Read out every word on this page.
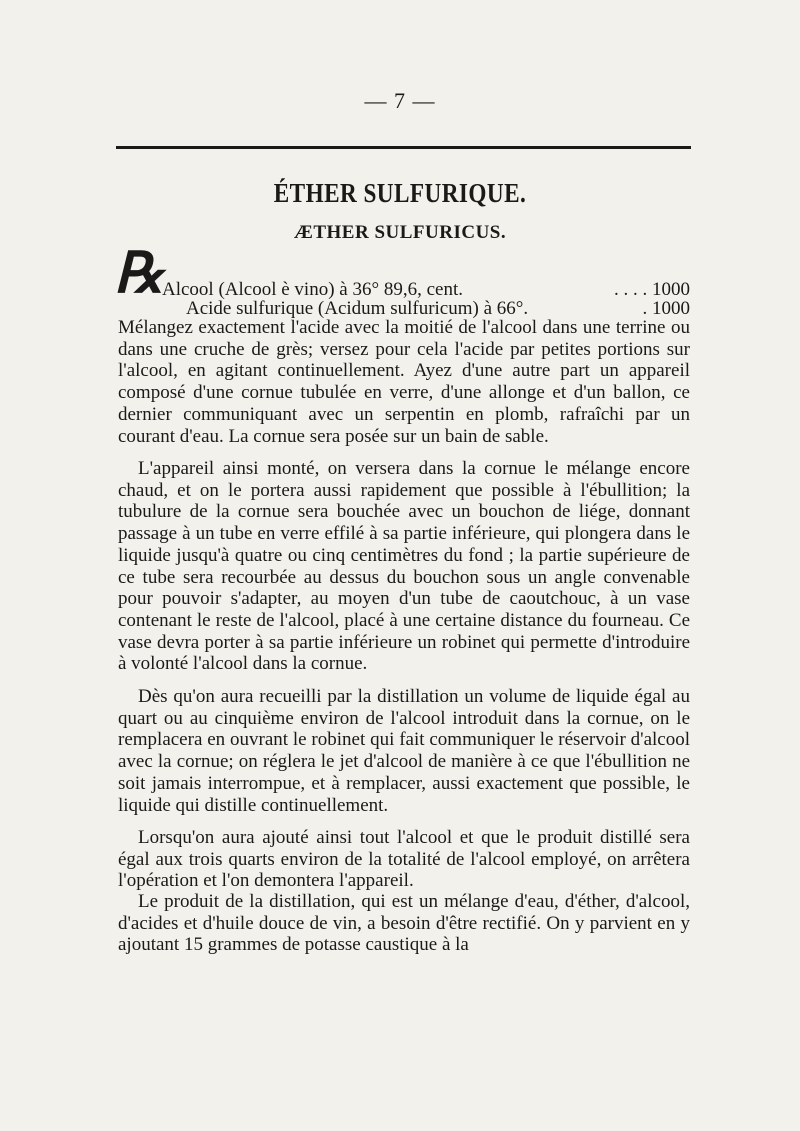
— 7 —
ÉTHER SULFURIQUE.
ÆTHER SULFURICUS.
℞
Alcool (Alcool è vino) à 36° 89,6, cent.	. . . . 1000
Acide sulfurique (Acidum sulfuricum) à 66°.	. 1000

Mélangez exactement l'acide avec la moitié de l'alcool dans une terrine ou dans une cruche de grès; versez pour cela l'acide par petites portions sur l'alcool, en agitant continuellement. Ayez d'une autre part un appareil composé d'une cornue tubulée en verre, d'une allonge et d'un ballon, ce dernier communiquant avec un serpentin en plomb, rafraîchi par un courant d'eau. La cornue sera posée sur un bain de sable.

L'appareil ainsi monté, on versera dans la cornue le mélange encore chaud, et on le portera aussi rapidement que possible à l'ébullition; la tubulure de la cornue sera bouchée avec un bouchon de liége, donnant passage à un tube en verre effilé à sa partie inférieure, qui plongera dans le liquide jusqu'à quatre ou cinq centimètres du fond ; la partie supérieure de ce tube sera recourbée au dessus du bouchon sous un angle convenable pour pouvoir s'adapter, au moyen d'un tube de caoutchouc, à un vase contenant le reste de l'alcool, placé à une certaine distance du fourneau. Ce vase devra porter à sa partie inférieure un robinet qui permette d'introduire à volonté l'alcool dans la cornue.

Dès qu'on aura recueilli par la distillation un volume de liquide égal au quart ou au cinquième environ de l'alcool introduit dans la cornue, on le remplacera en ouvrant le robinet qui fait communiquer le réservoir d'alcool avec la cornue; on réglera le jet d'alcool de manière à ce que l'ébullition ne soit jamais interrompue, et à remplacer, aussi exactement que possible, le liquide qui distille continuellement.

Lorsqu'on aura ajouté ainsi tout l'alcool et que le produit distillé sera égal aux trois quarts environ de la totalité de l'alcool employé, on arrêtera l'opération et l'on demontera l'appareil.

Le produit de la distillation, qui est un mélange d'eau, d'éther, d'alcool, d'acides et d'huile douce de vin, a besoin d'être rectifié. On y parvient en y ajoutant 15 grammes de potasse caustique à la
